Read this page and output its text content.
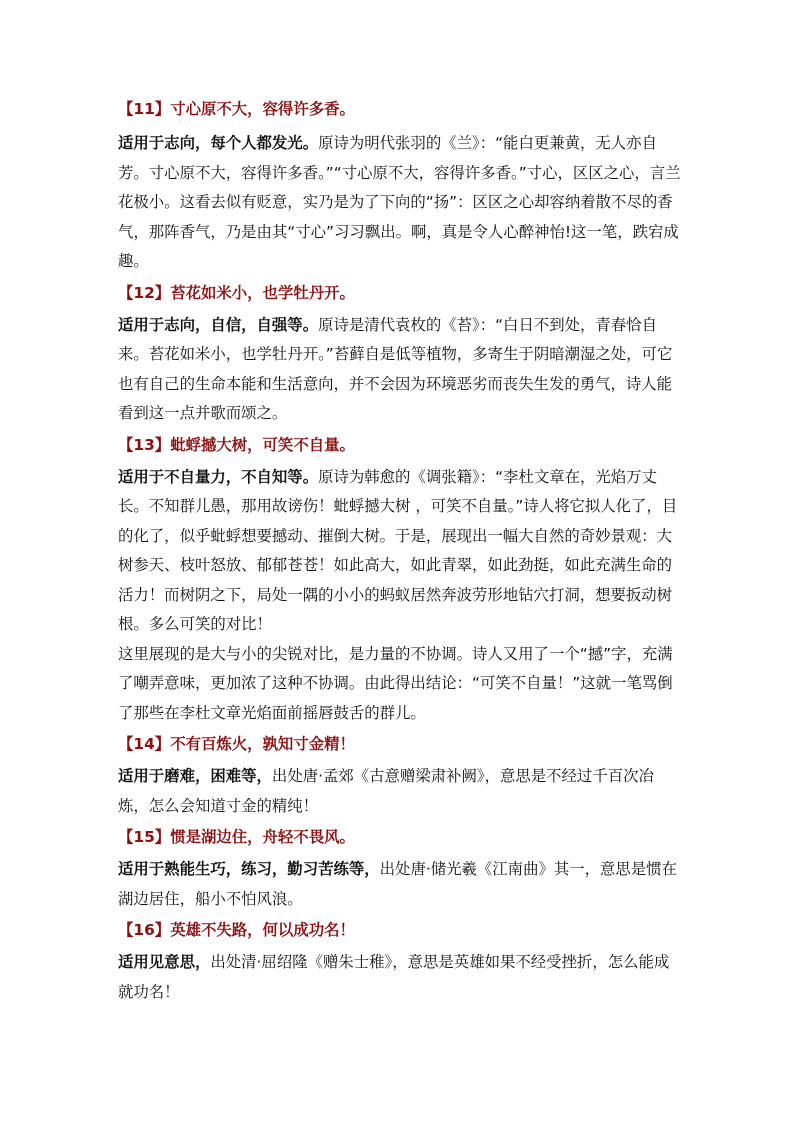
【11】寸心原不大，容得许多香。

适用于志向，每个人都发光。原诗为明代张羽的《兰》：“能白更兼黄，无人亦自芳。寸心原不大，容得许多香。”“寸心原不大，容得许多香。”寸心，区区之心，言兰花极小。这看去似有贬意，实乃是为了下向的“扬”：区区之心却容纳着散不尽的香气，那阵香气，乃是由其“寸心”习习飘出。啊，真是令人心醉神怡!这一笔，跌宕成趣。

【12】苔花如米小，也学牡丹开。

适用于志向，自信，自强等。原诗是清代袁枚的《苔》：“白日不到处，青春恰自来。苔花如米小，也学牡丹开。”苔藓自是低等植物，多寄生于阴暗潮湿之处，可它也有自己的生命本能和生活意向，并不会因为环境恶劣而丧失生发的勇气，诗人能看到这一点并歌而颂之。

【13】蚍蜉撼大树，可笑不自量。

适用于不自量力，不自知等。原诗为韩愈的《调张籍》：“李杜文章在，光焰万丈长。不知群儿愚，那用故谤伤！蚍蜉撼大树 ，可笑不自量。”诗人将它拟人化了，目的化了，似乎蚍蜉想要撼动、摧倒大树。于是，展现出一幅大自然的奇妙景观：大树参天、枝叶怒放、郁郁苍苍！如此高大，如此青翠，如此劲挺，如此充满生命的活力！而树阴之下，局处一隅的小小的蚂蚁居然奔波劳形地钻穴打洞，想要扳动树根。多么可笑的对比！

这里展现的是大与小的尖锐对比，是力量的不协调。诗人又用了一个“撼”字，充满了嘲弄意味，更加浓了这种不协调。由此得出结论：“可笑不自量！”这就一笔骂倒了那些在李杜文章光焰面前摇唇鼓舌的群儿。

【14】不有百炼火，孰知寸金精！

适用于磨难，困难等，出处唐·孟郊《古意赠梁肃补阙》，意思是不经过千百次冶炼，怎么会知道寸金的精纯！

【15】惯是湖边住，舟轻不畏风。

适用于熟能生巧，练习，勤习苦练等，出处唐·储光羲《江南曲》其一，意思是惯在湖边居住，船小不怕风浪。

【16】英雄不失路，何以成功名！

适用见意思，出处清·屈绍隆《赠朱士稚》，意思是英雄如果不经受挫折，怎么能成就功名！
